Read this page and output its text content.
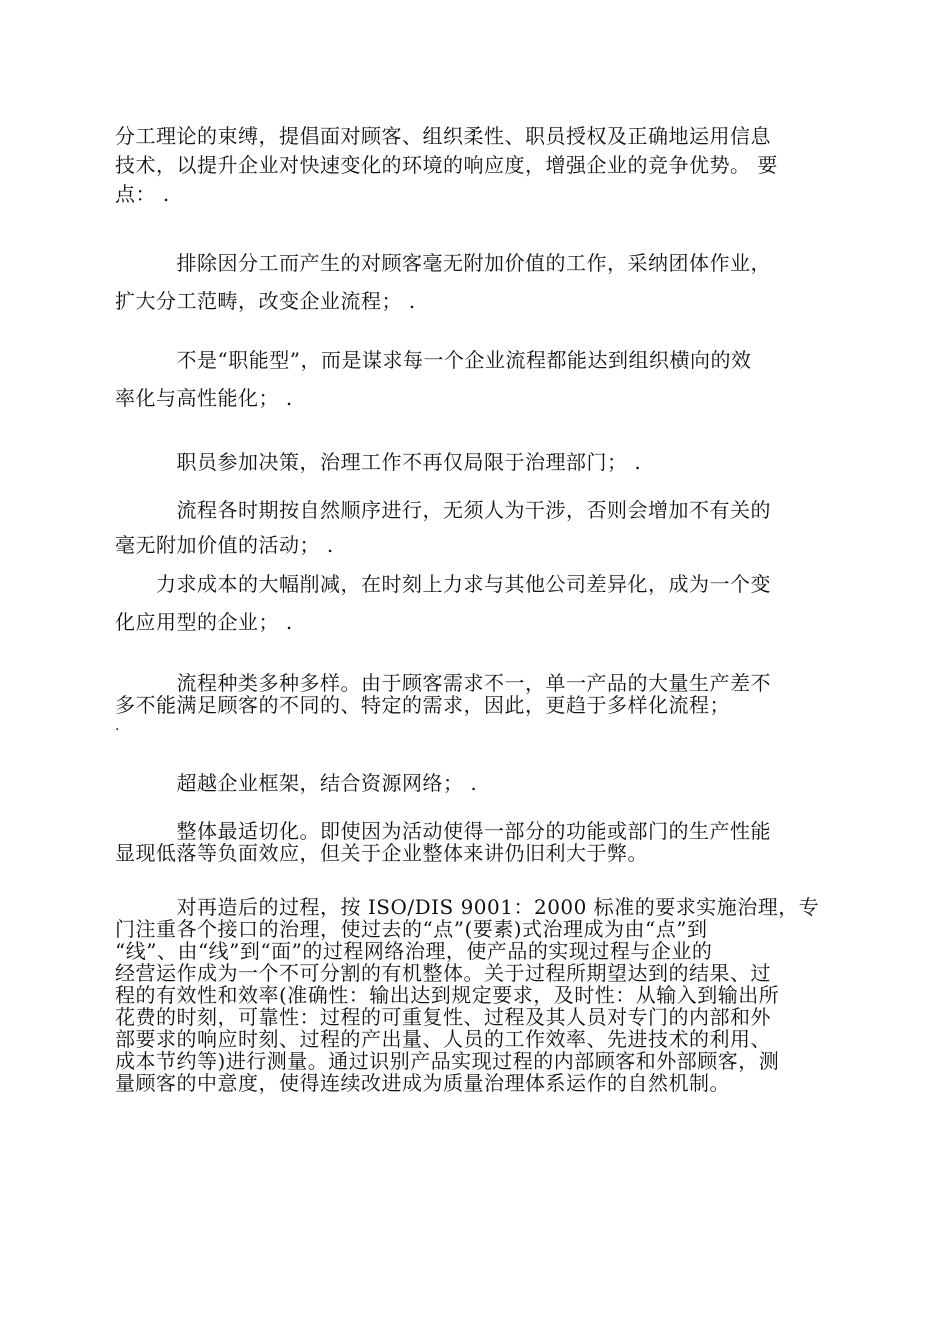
分工理论的束缚，提倡面对顾客、组织柔性、职员授权及正确地运用信息
技术，以提升企业对快速变化的环境的响应度，增强企业的竞争优势。 要
点： .
　　　排除因分工而产生的对顾客毫无附加价值的工作，采纳团体作业，
扩大分工范畴，改变企业流程； .
　　　不是“职能型”，而是谋求每一个企业流程都能达到组织横向的效
率化与高性能化； .
　　　职员参加决策，治理工作不再仅局限于治理部门； .
　　　流程各时期按自然顺序进行，无须人为干涉，否则会增加不有关的
毫无附加价值的活动； .
　　力求成本的大幅削减，在时刻上力求与其他公司差异化，成为一个变
化应用型的企业； .
　　　流程种类多种多样。由于顾客需求不一，单一产品的大量生产差不
多不能满足顾客的不同的、特定的需求，因此，更趋于多样化流程；
.
　　　超越企业框架，结合资源网络； .
　　　整体最适切化。即使因为活动使得一部分的功能或部门的生产性能
显现低落等负面效应，但关于企业整体来讲仍旧利大于弊。
　　　对再造后的过程，按 ISO/DIS 9001：2000 标准的要求实施治理，专
门注重各个接口的治理，使过去的“点”(要素)式治理成为由“点”到
“线”、由“线”到“面”的过程网络治理，使产品的实现过程与企业的
经营运作成为一个不可分割的有机整体。关于过程所期望达到的结果、过
程的有效性和效率(准确性：输出达到规定要求，及时性：从输入到输出所
花费的时刻，可靠性：过程的可重复性、过程及其人员对专门的内部和外
部要求的响应时刻、过程的产出量、人员的工作效率、先进技术的利用、
成本节约等)进行测量。通过识别产品实现过程的内部顾客和外部顾客，测
量顾客的中意度，使得连续改进成为质量治理体系运作的自然机制。
